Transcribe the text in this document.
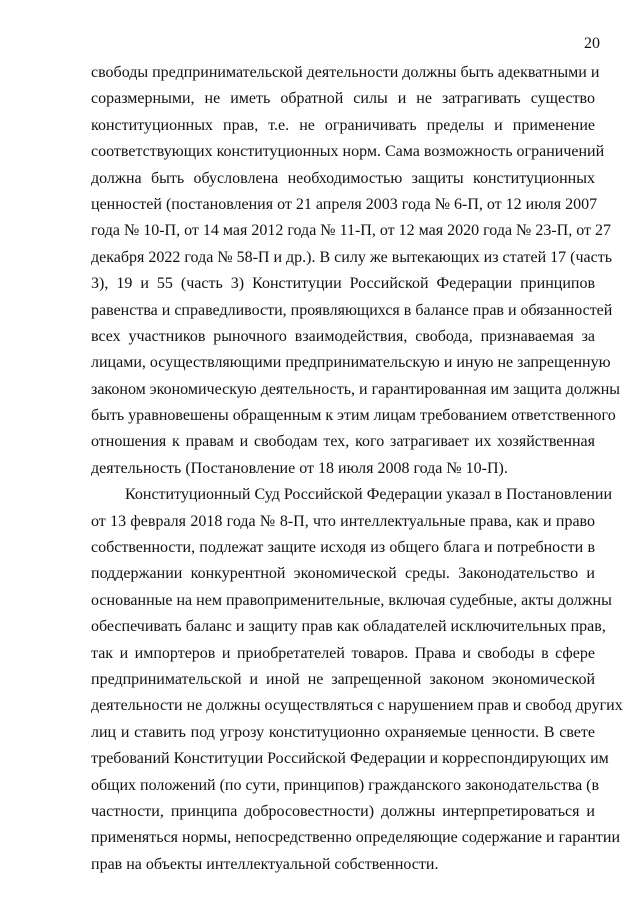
20
свободы предпринимательской деятельности должны быть адекватными и
соразмерными, не иметь обратной силы и не затрагивать существо
конституционных прав, т.е. не ограничивать пределы и применение
соответствующих конституционных норм. Сама возможность ограничений
должна быть обусловлена необходимостью защиты конституционных
ценностей (постановления от 21 апреля 2003 года № 6-П, от 12 июля 2007
года № 10-П, от 14 мая 2012 года № 11-П, от 12 мая 2020 года № 23-П, от 27
декабря 2022 года № 58-П и др.). В силу же вытекающих из статей 17 (часть
3), 19 и 55 (часть 3) Конституции Российской Федерации принципов
равенства и справедливости, проявляющихся в балансе прав и обязанностей
всех участников рыночного взаимодействия, свобода, признаваемая за
лицами, осуществляющими предпринимательскую и иную не запрещенную
законом экономическую деятельность, и гарантированная им защита должны
быть уравновешены обращенным к этим лицам требованием ответственного
отношения к правам и свободам тех, кого затрагивает их хозяйственная
деятельность (Постановление от 18 июля 2008 года № 10-П).
Конституционный Суд Российской Федерации указал в Постановлении
от 13 февраля 2018 года № 8-П, что интеллектуальные права, как и право
собственности, подлежат защите исходя из общего блага и потребности в
поддержании конкурентной экономической среды. Законодательство и
основанные на нем правоприменительные, включая судебные, акты должны
обеспечивать баланс и защиту прав как обладателей исключительных прав,
так и импортеров и приобретателей товаров. Права и свободы в сфере
предпринимательской и иной не запрещенной законом экономической
деятельности не должны осуществляться с нарушением прав и свобод других
лиц и ставить под угрозу конституционно охраняемые ценности. В свете
требований Конституции Российской Федерации и корреспондирующих им
общих положений (по сути, принципов) гражданского законодательства (в
частности, принципа добросовестности) должны интерпретироваться и
применяться нормы, непосредственно определяющие содержание и гарантии
прав на объекты интеллектуальной собственности.
